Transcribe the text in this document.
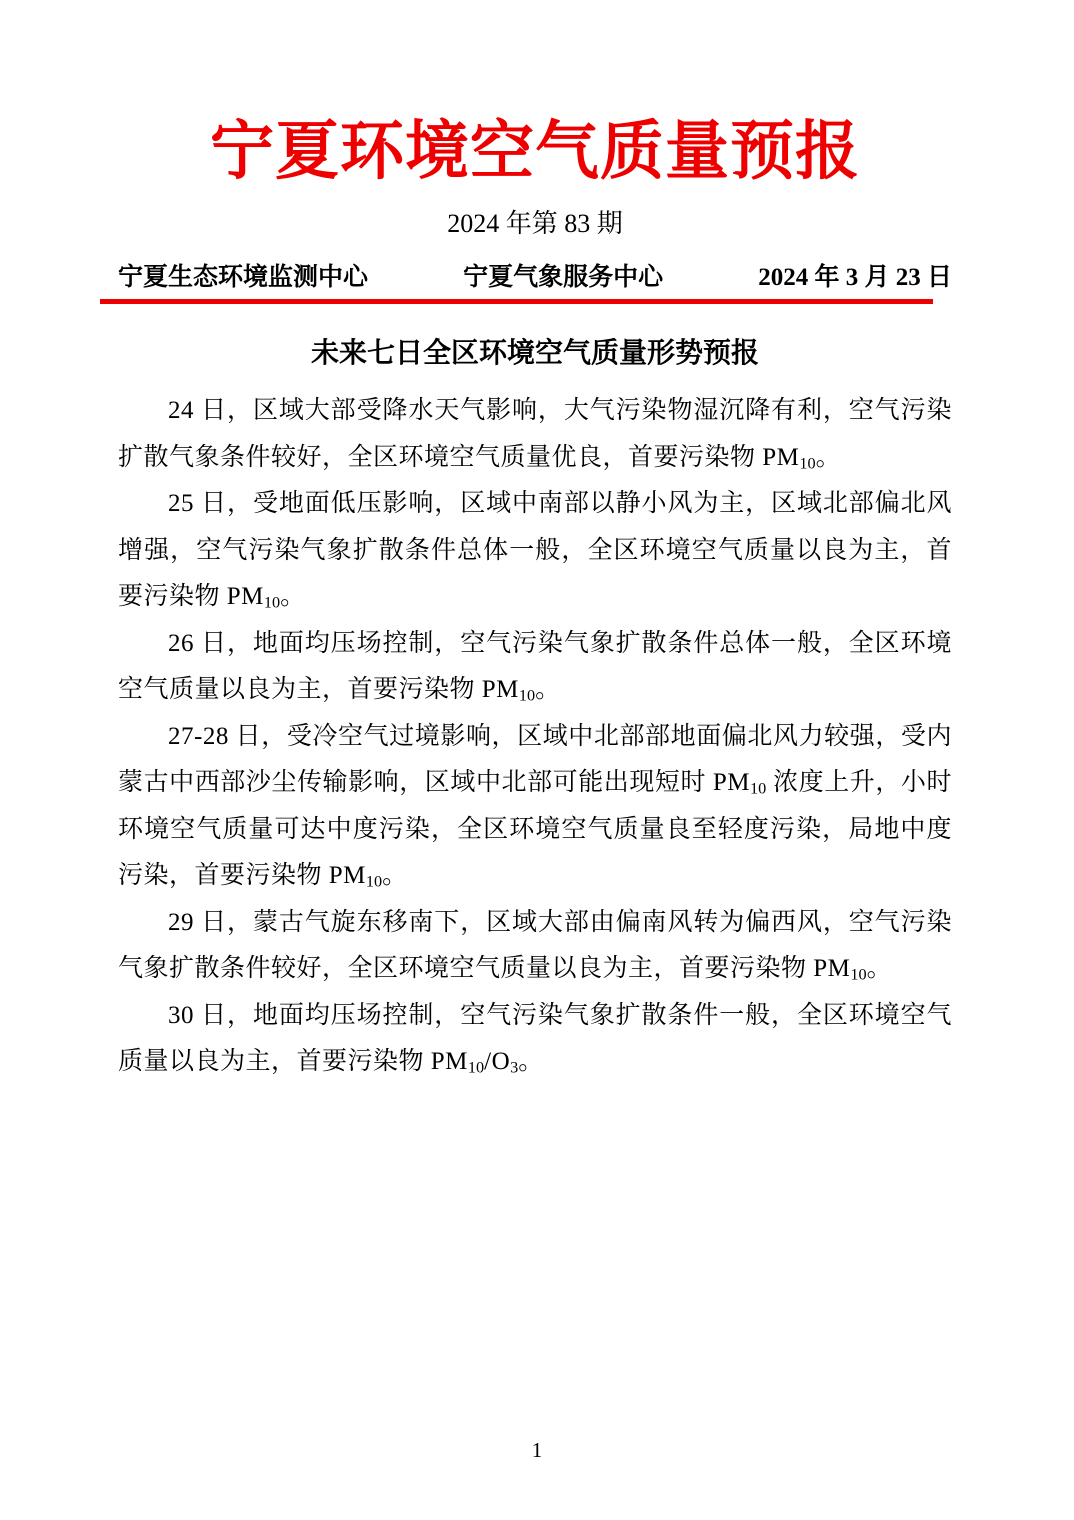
宁夏环境空气质量预报
2024 年第 83 期
宁夏生态环境监测中心	宁夏气象服务中心	2024 年 3 月 23 日
未来七日全区环境空气质量形势预报

24 日，区域大部受降水天气影响，大气污染物湿沉降有利，空气污染扩散气象条件较好，全区环境空气质量优良，首要污染物 $PM_{10}$。

25 日，受地面低压影响，区域中南部以静小风为主，区域北部偏北风增强，空气污染气象扩散条件总体一般，全区环境空气质量以良为主，首要污染物 $PM_{10}$。

26 日，地面均压场控制，空气污染气象扩散条件总体一般，全区环境空气质量以良为主，首要污染物 $PM_{10}$。

27-28 日，受冷空气过境影响，区域中北部部地面偏北风力较强，受内蒙古中西部沙尘传输影响，区域中北部可能出现短时 $PM_{10}$ 浓度上升，小时环境空气质量可达中度污染，全区环境空气质量良至轻度污染，局地中度污染，首要污染物 $PM_{10}$。

29 日，蒙古气旋东移南下，区域大部由偏南风转为偏西风，空气污染气象扩散条件较好，全区环境空气质量以良为主，首要污染物 $PM_{10}$。

30 日，地面均压场控制，空气污染气象扩散条件一般，全区环境空气质量以良为主，首要污染物 $PM_{10}/O_3$。

1
